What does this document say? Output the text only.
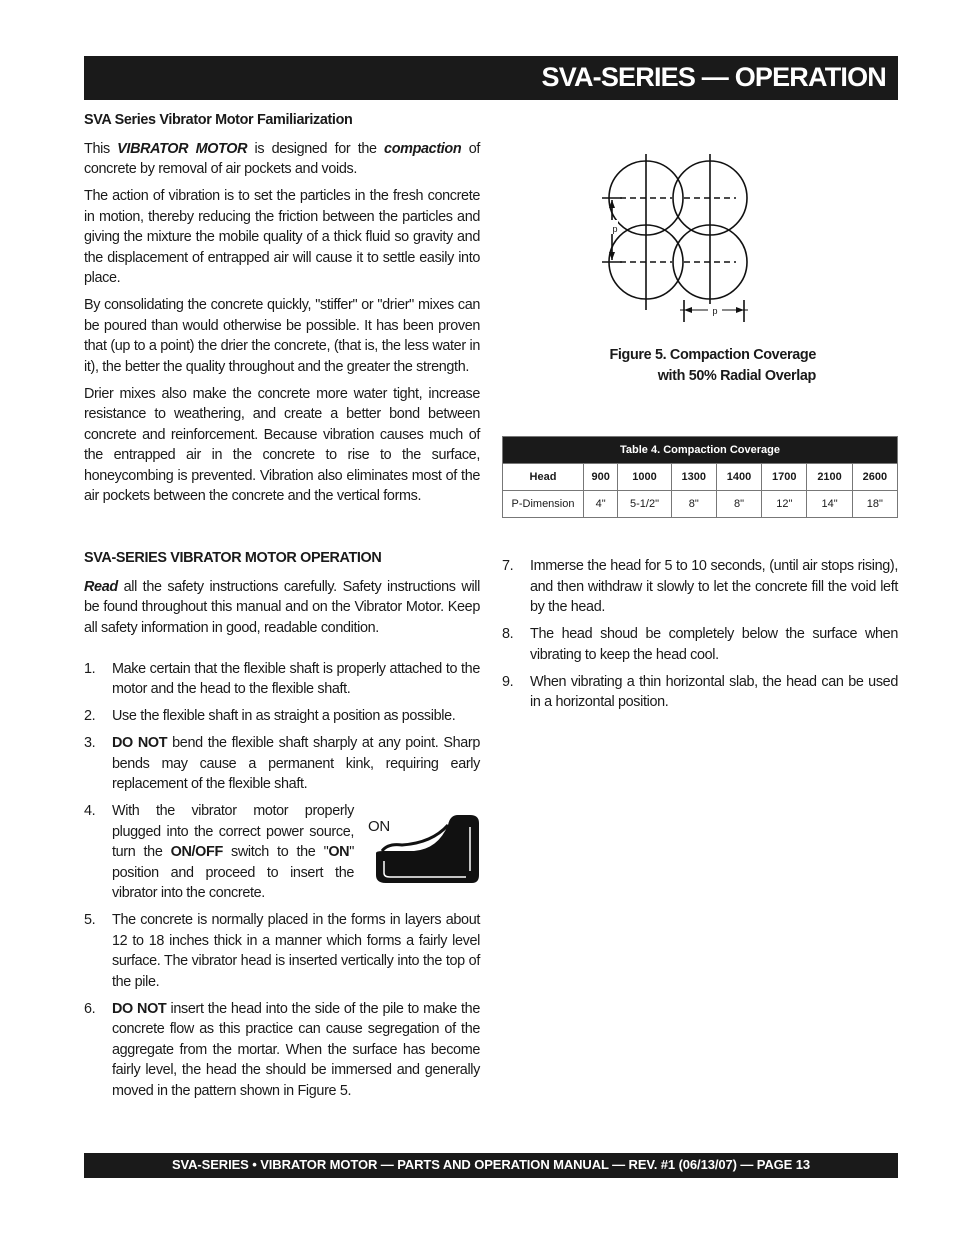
SVA-SERIES — OPERATION
SVA Series Vibrator Motor Familiarization

This VIBRATOR MOTOR is designed for the compaction of concrete by removal of air pockets and voids.

The action of vibration is to set the particles in the fresh concrete in motion, thereby reducing the friction between the particles and giving the mixture the mobile quality of a thick fluid so gravity and the displacement of entrapped air will cause it to settle easily into place.

By consolidating the concrete quickly, "stiffer" or "drier" mixes can be poured than would otherwise be possible. It has been proven that (up to a point) the drier the concrete, (that is, the less water in it), the better the quality throughout and the greater the strength.

Drier mixes also make the concrete more water tight, increase resistance to weathering, and create a better bond between concrete and reinforcement. Because vibration causes much of the entrapped air in the concrete to rise to the surface, honeycombing is prevented. Vibration also eliminates most of the air pockets between the concrete and the vertical forms.

SVA-SERIES VIBRATOR MOTOR OPERATION

Read all the safety instructions carefully. Safety instructions will be found throughout this manual and on the Vibrator Motor. Keep all safety information in good, readable condition.

1. Make certain that the flexible shaft is properly attached to the motor and the head to the flexible shaft.
2. Use the flexible shaft in as straight a position as possible.
3. DO NOT bend the flexible shaft sharply at any point. Sharp bends may cause a permanent kink, requiring early replacement of the flexible shaft.
4. With the vibrator motor properly plugged into the correct power source, turn the ON/OFF switch to the "ON" position and proceed to insert the vibrator into the concrete.
ON
5. The concrete is normally placed in the forms in layers about 12 to 18 inches thick in a manner which forms a fairly level surface. The vibrator head is inserted vertically into the top of the pile.
6. DO NOT insert the head into the side of the pile to make the concrete flow as this practice can cause segregation of the aggregate from the mortar. When the surface has become fairly level, the head the should be immersed and generally moved in the pattern shown in Figure 5.
p
p
Figure 5. Compaction Coverage
with 50% Radial Overlap
Table 4. Compaction Coverage							
Head	900	1000	1300	1400	1700	2100	2600
P-Dimension	4"	5-1/2"	8"	8"	12"	14"	18"
7. Immerse the head for 5 to 10 seconds, (until air stops rising), and then withdraw it slowly to let the concrete fill the void left by the head.
8. The head shoud be completely below the surface when vibrating to keep the head cool.
9. When vibrating a thin horizontal slab, the head can be used in a horizontal position.
SVA-SERIES • VIBRATOR MOTOR — PARTS AND OPERATION MANUAL — REV. #1 (06/13/07) — PAGE 13
